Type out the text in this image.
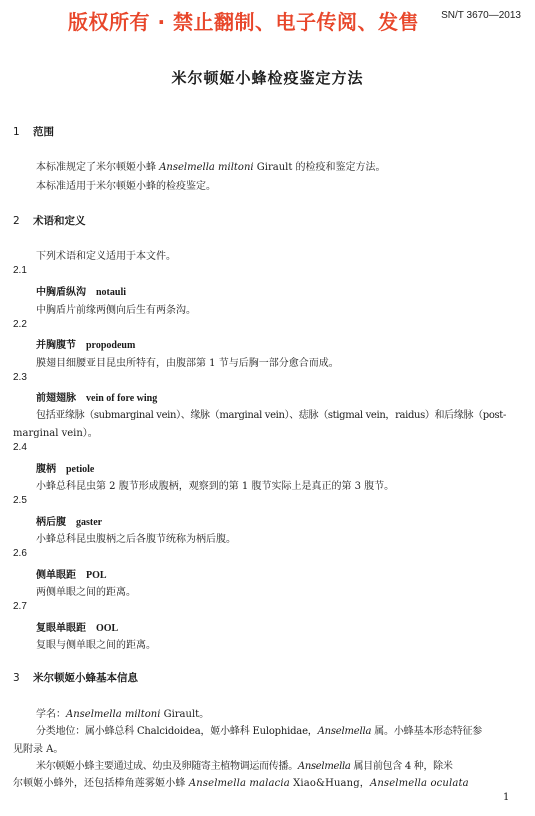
版权所有 · 禁止翻制、电子传阅、发售 SN/T 3670—2013
米尔顿姬小蜂检疫鉴定方法
1 范围
本标准规定了米尔顿姬小蜂 Anselmella miltoni Girault 的检疫和鉴定方法。
本标准适用于米尔顿姬小蜂的检疫鉴定。
2 术语和定义
下列术语和定义适用于本文件。
2.1
中胸盾纵沟 notauli
中胸盾片前缘两侧向后生有两条沟。
2.2
并胸腹节 propodeum
膜翅目细腰亚目昆虫所特有，由腹部第 1 节与后胸一部分愈合而成。
2.3
前翅翅脉 vein of fore wing
包括亚缘脉（submarginal vein）、缘脉（marginal vein）、痣脉（stigmal vein，raidus）和后缘脉（post-
marginal vein）。
2.4
腹柄 petiole
小蜂总科昆虫第 2 腹节形成腹柄，观察到的第 1 腹节实际上是真正的第 3 腹节。
2.5
柄后腹 gaster
小蜂总科昆虫腹柄之后各腹节统称为柄后腹。
2.6
侧单眼距 POL
两侧单眼之间的距离。
2.7
复眼单眼距 OOL
复眼与侧单眼之间的距离。
3 米尔顿姬小蜂基本信息
学名：Anselmella miltoni Girault。
分类地位：属小蜂总科 Chalcidoidea，姬小蜂科 Eulophidae，Anselmella 属。小蜂基本形态特征参
见附录 A。
米尔顿姬小蜂主要通过成、幼虫及卵随寄主植物调运而传播。Anselmella 属目前包含 4 种，除米
尔顿姬小蜂外，还包括棒角莲雾姬小蜂 Anselmella malacia Xiao&Huang，Anselmella oculata
1
